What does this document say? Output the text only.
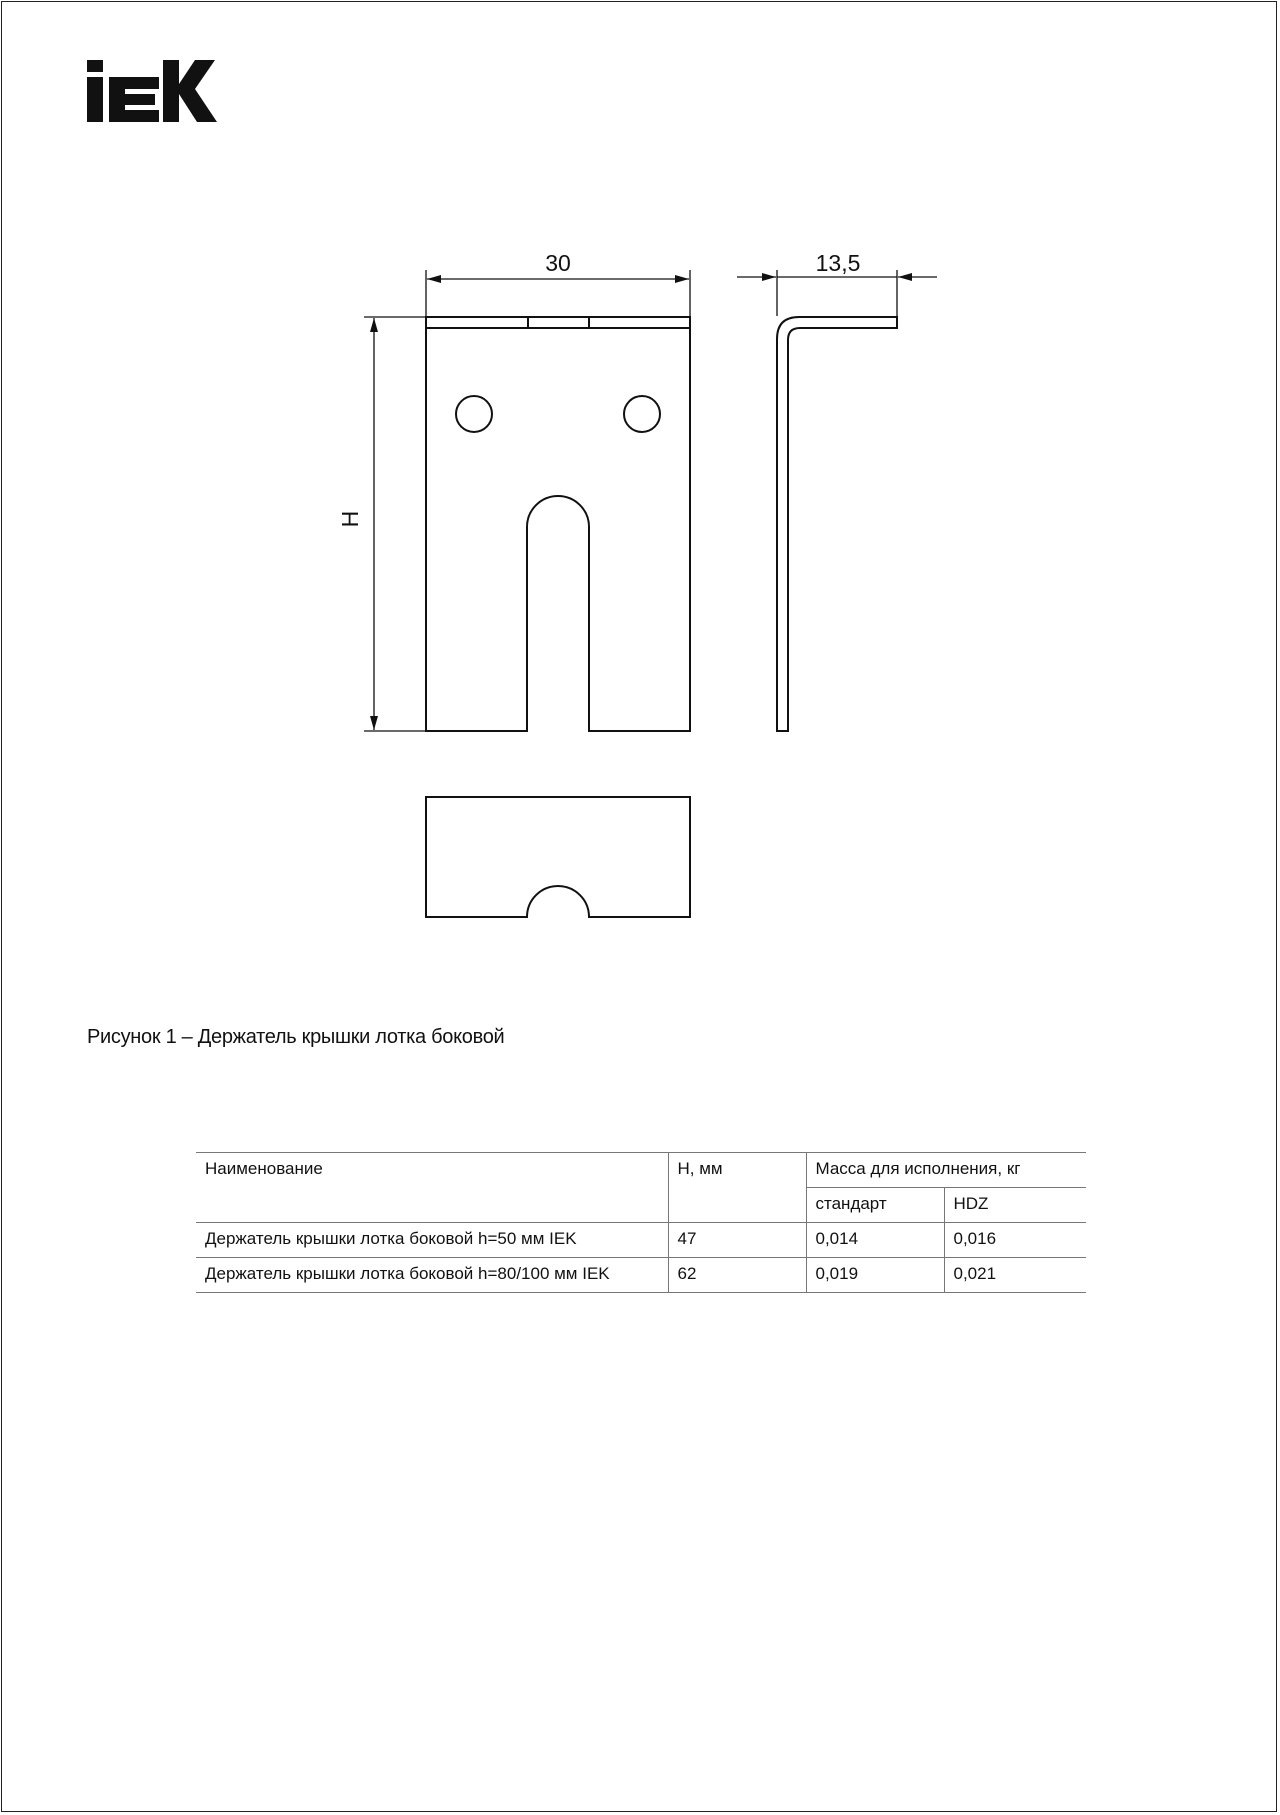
30	13,5
H
Рисунок 1 – Держатель крышки лотка боковой
Наименование	H, мм	Масса для исполнения, кг	
		стандарт	HDZ
Держатель крышки лотка боковой h=50 мм IEK	47	0,014	0,016
Держатель крышки лотка боковой h=80/100 мм IEK	62	0,019	0,021
